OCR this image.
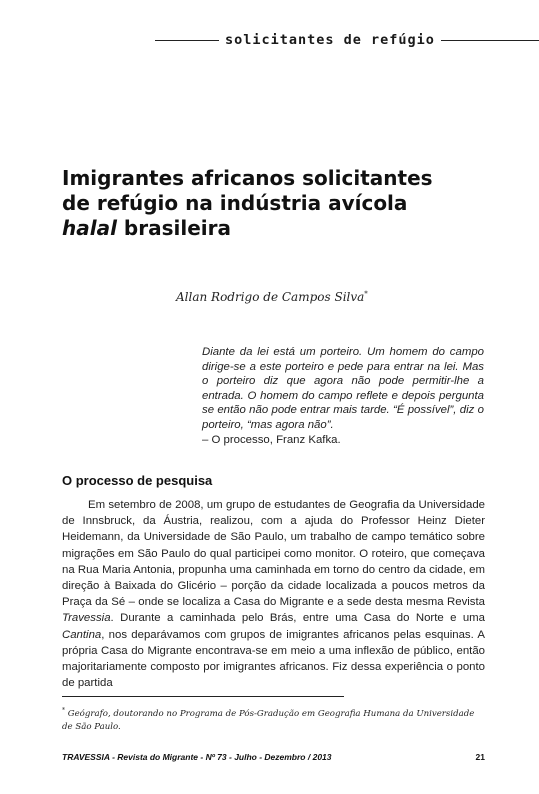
solicitantes de refúgio
Imigrantes africanos solicitantes
de refúgio na indústria avícola
halal brasileira
Allan Rodrigo de Campos Silva*
Diante da lei está um porteiro. Um homem do campo dirige-se a este porteiro e pede para entrar na lei. Mas o porteiro diz que agora não pode permitir-lhe a entrada. O homem do campo reflete e depois pergunta se então não pode entrar mais tarde. “É possível”, diz o porteiro, “mas agora não”.
– O processo, Franz Kafka.
O processo de pesquisa

Em setembro de 2008, um grupo de estudantes de Geografia da Universidade de Innsbruck, da Áustria, realizou, com a ajuda do Professor Heinz Dieter Heidemann, da Universidade de São Paulo, um trabalho de campo temático sobre migrações em São Paulo do qual participei como monitor. O roteiro, que começava na Rua Maria Antonia, propunha uma caminhada em torno do centro da cidade, em direção à Baixada do Glicério – porção da cidade localizada a poucos metros da Praça da Sé – onde se localiza a Casa do Migrante e a sede desta mesma Revista Travessia. Durante a caminhada pelo Brás, entre uma Casa do Norte e uma Cantina, nos deparávamos com grupos de imigrantes africanos pelas esquinas. A própria Casa do Migrante encontrava-se em meio a uma inflexão de público, então majoritariamente composto por imigrantes africanos. Fiz dessa experiência o ponto de partida

* Geógrafo, doutorando no Programa de Pós-Gradução em Geografia Humana da Universidade de São Paulo.
TRAVESSIA - Revista do Migrante - Nº 73 - Julho - Dezembro / 2013	21
